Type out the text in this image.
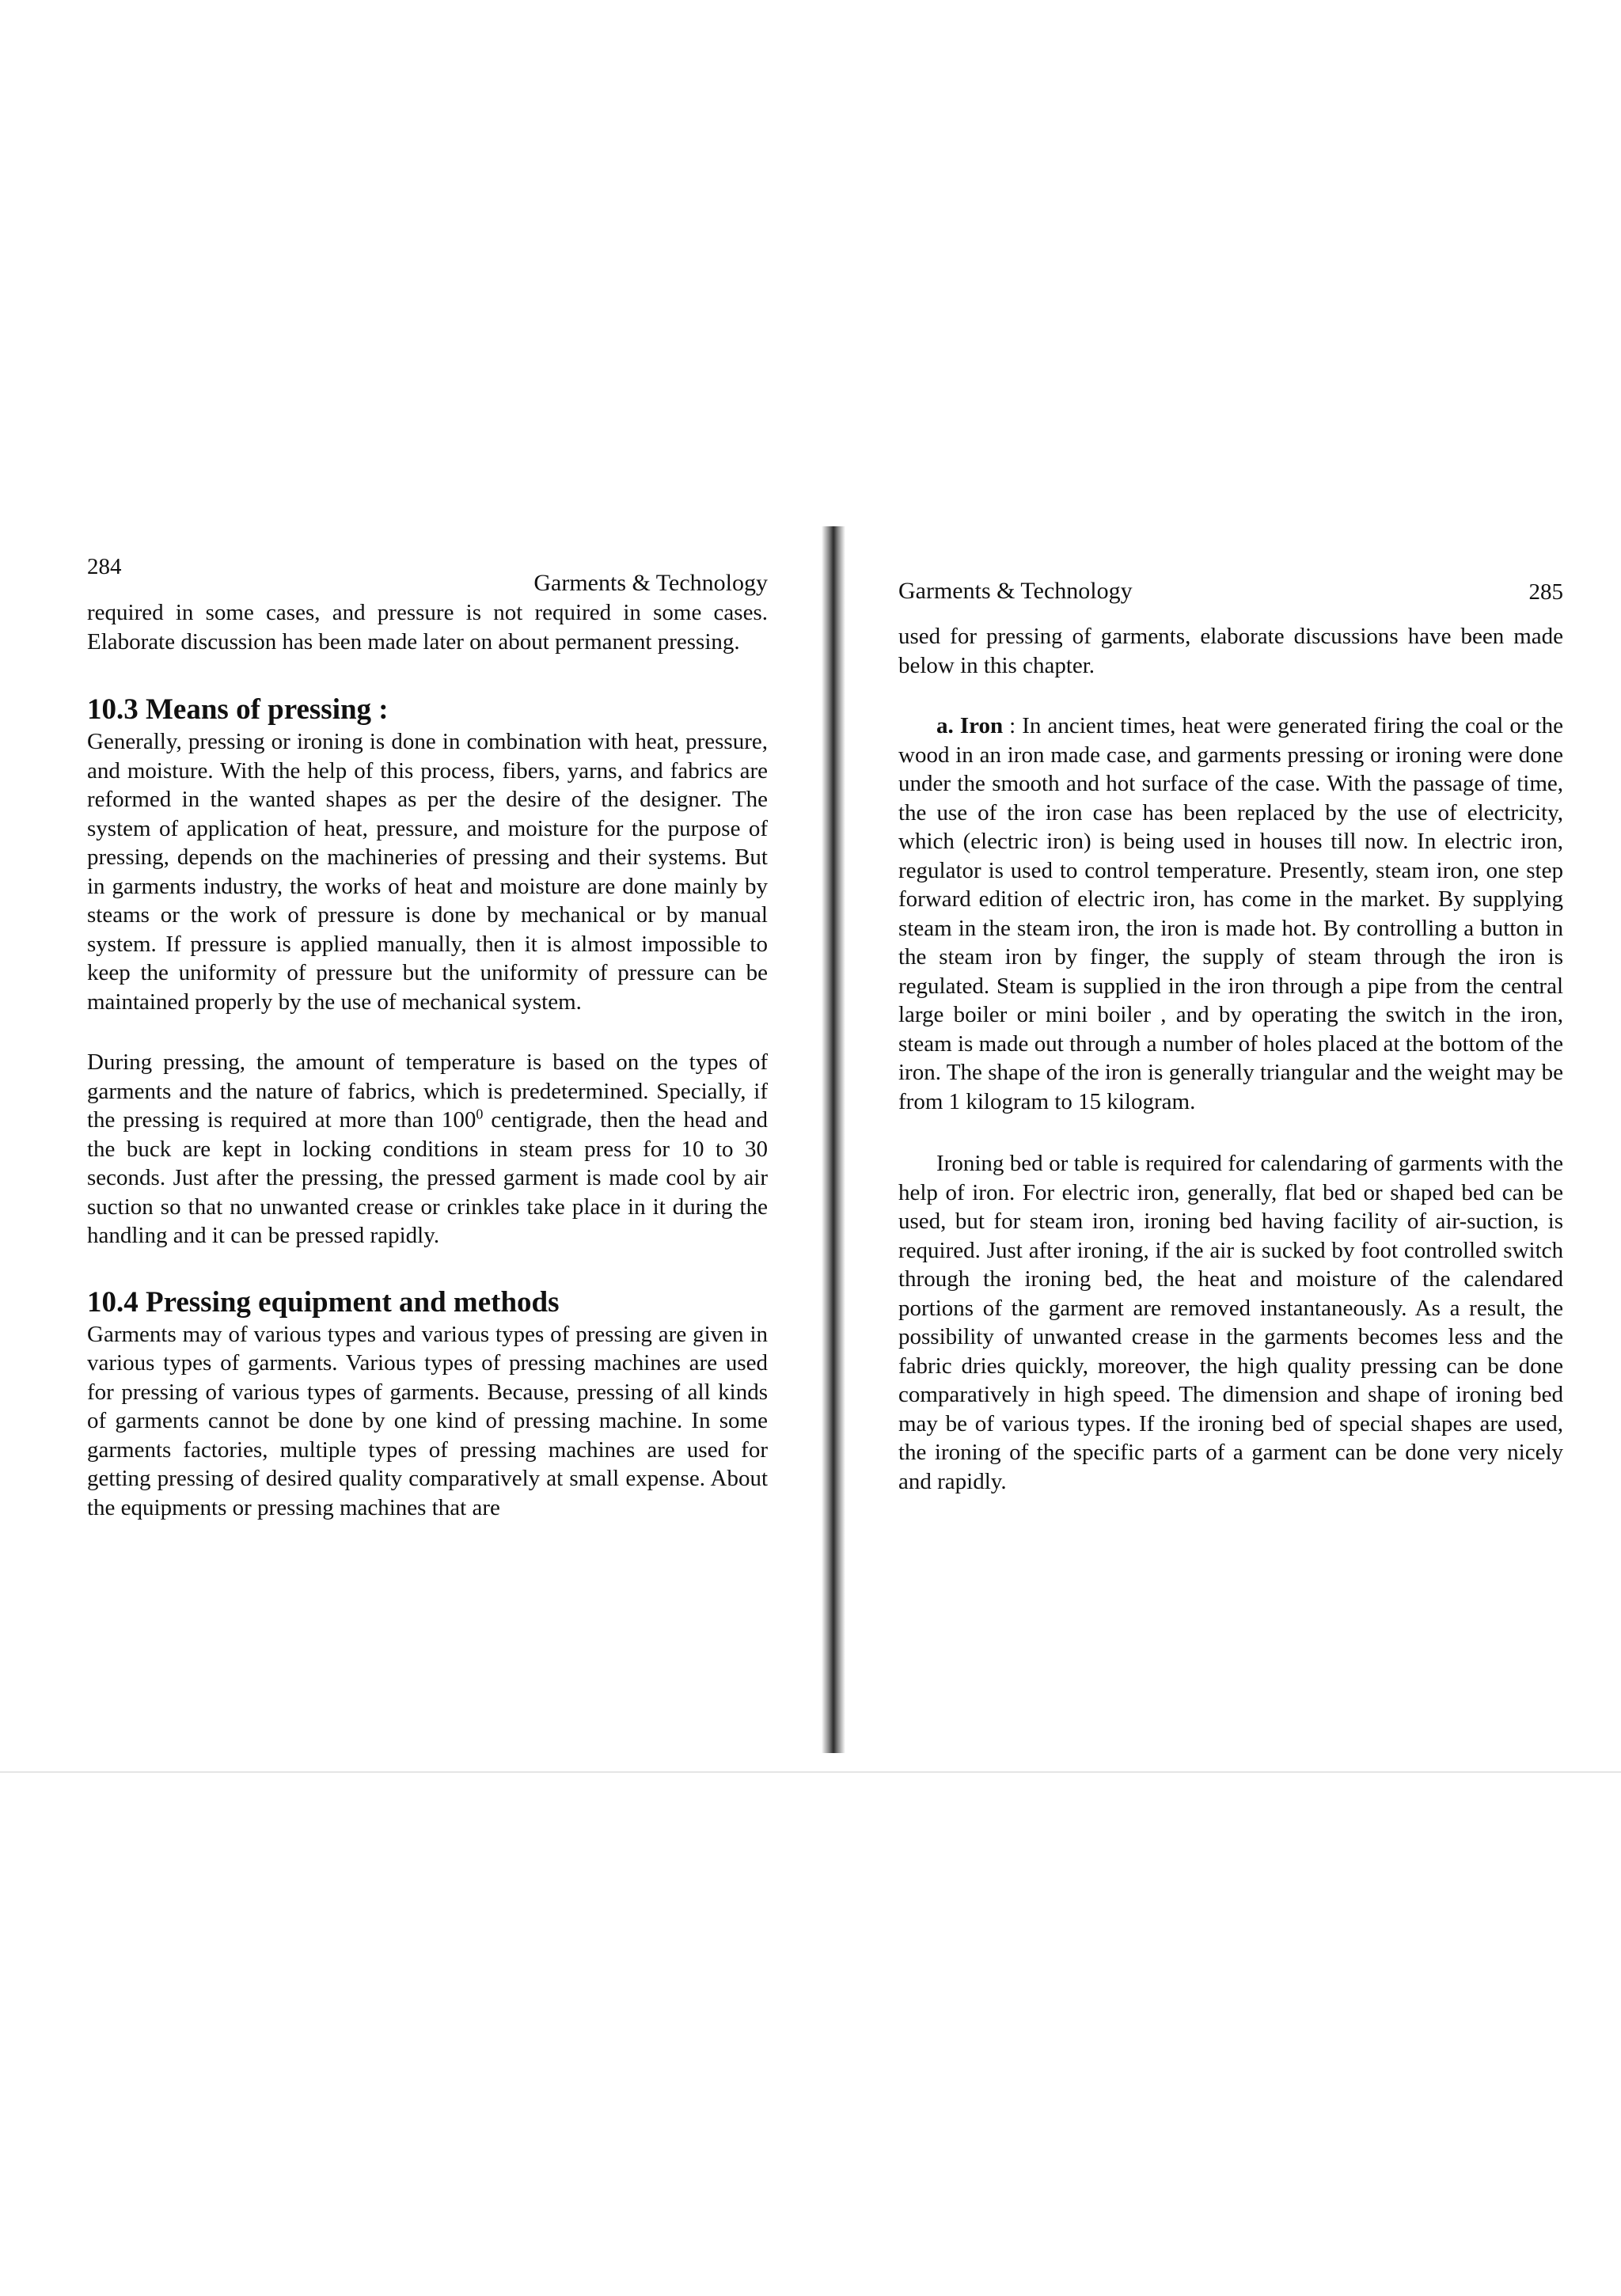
284
Garments & Technology

required in some cases, and pressure is not required in some cases. Elaborate discussion has been made later on about permanent pressing.

10.3 Means of pressing :

Generally, pressing or ironing is done in combination with heat, pressure, and moisture. With the help of this process, fibers, yarns, and fabrics are reformed in the wanted shapes as per the desire of the designer. The system of application of heat, pressure, and moisture for the purpose of pressing, depends on the machineries of pressing and their systems. But in garments industry, the works of heat and moisture are done mainly by steams or the work of pressure is done by mechanical or by manual system. If pressure is applied manually, then it is almost impossible to keep the uniformity of pressure but the uniformity of pressure can be maintained properly by the use of mechanical system.

During pressing, the amount of temperature is based on the types of garments and the nature of fabrics, which is predetermined. Specially, if the pressing is required at more than $100^0$ centigrade, then the head and the buck are kept in locking conditions in steam press for 10 to 30 seconds. Just after the pressing, the pressed garment is made cool by air suction so that no unwanted crease or crinkles take place in it during the handling and it can be pressed rapidly.

10.4 Pressing equipment and methods

Garments may of various types and various types of pressing are given in various types of garments. Various types of pressing machines are used for pressing of various types of garments. Because, pressing of all kinds of garments cannot be done by one kind of pressing machine. In some garments factories, multiple types of pressing machines are used for getting pressing of desired quality comparatively at small expense. About the equipments or pressing machines that are

Garments & Technology	285

used for pressing of garments, elaborate discussions have been made below in this chapter.

a. Iron : In ancient times, heat were generated firing the coal or the wood in an iron made case, and garments pressing or ironing were done under the smooth and hot surface of the case. With the passage of time, the use of the iron case has been replaced by the use of electricity, which (electric iron) is being used in houses till now. In electric iron, regulator is used to control temperature. Presently, steam iron, one step forward edition of electric iron, has come in the market. By supplying steam in the steam iron, the iron is made hot. By controlling a button in the steam iron by finger, the supply of steam through the iron is regulated. Steam is supplied in the iron through a pipe from the central large boiler or mini boiler , and by operating the switch in the iron, steam is made out through a number of holes placed at the bottom of the iron. The shape of the iron is generally triangular and the weight may be from 1 kilogram to 15 kilogram.

Ironing bed or table is required for calendaring of garments with the help of iron. For electric iron, generally, flat bed or shaped bed can be used, but for steam iron, ironing bed having facility of air-suction, is required. Just after ironing, if the air is sucked by foot controlled switch through the ironing bed, the heat and moisture of the calendared portions of the garment are removed instantaneously. As a result, the possibility of unwanted crease in the garments becomes less and the fabric dries quickly, moreover, the high quality pressing can be done comparatively in high speed. The dimension and shape of ironing bed may be of various types. If the ironing bed of special shapes are used, the ironing of the specific parts of a garment can be done very nicely and rapidly.
